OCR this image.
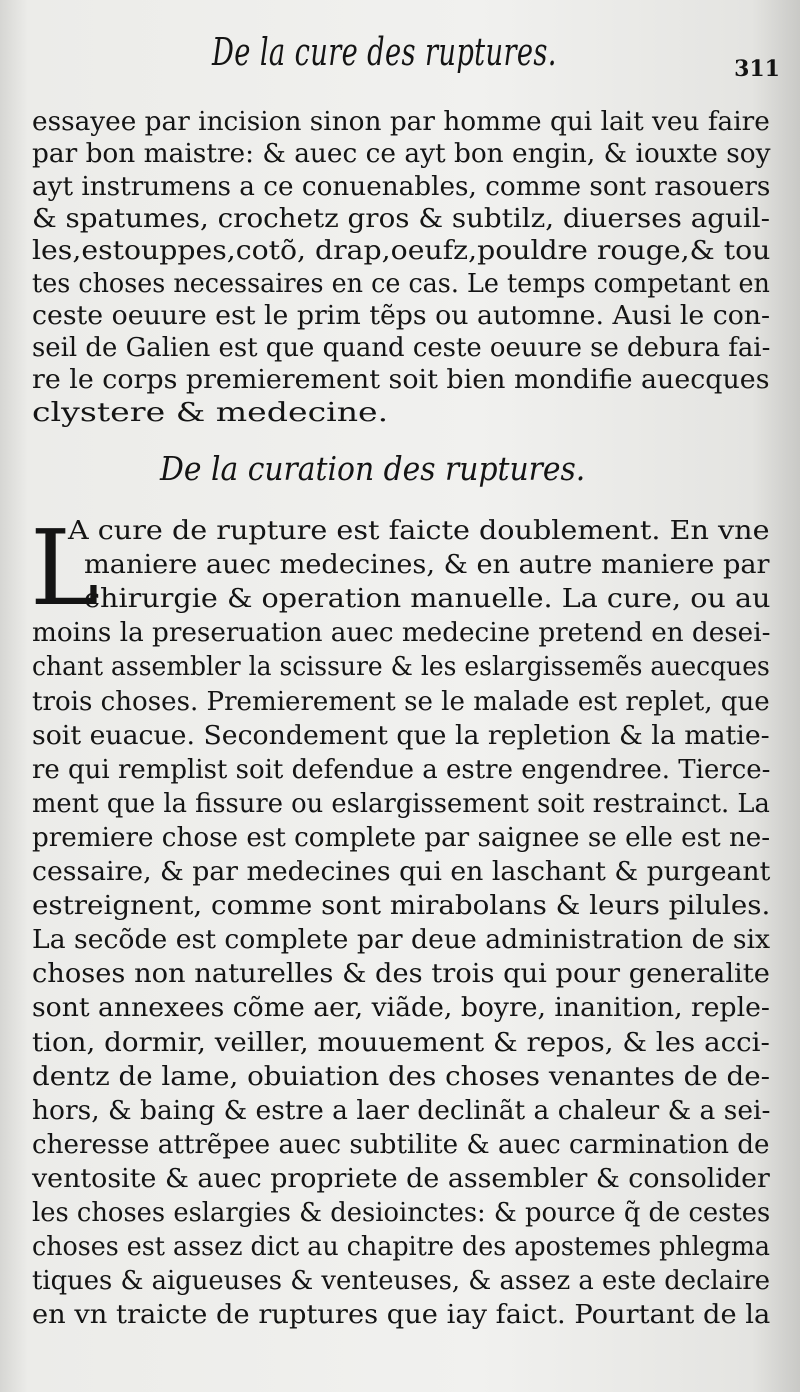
De la cure des ruptures.	311

essayee par incision sinon par homme qui lait veu faire
par bon maistre: & auec ce ayt bon engin, & iouxte soy
ayt instrumens a ce conuenables, comme sont rasouers
& spatumes, crochetz gros & subtilz, diuerses aguil-
les,estouppes,cotõ, drap,oeufz,pouldre rouge,& tou
tes choses necessaires en ce cas. Le temps competant en
ceste oeuure est le prim tẽps ou automne. Ausi le con-
seil de Galien est que quand ceste oeuure se debura fai-
re le corps premierement soit bien mondifie auecques
clystere & medecine.
De la curation des ruptures.
L
A cure de rupture est faicte doublement. En vne
maniere auec medecines, & en autre maniere par
chirurgie & operation manuelle. La cure, ou au
moins la preseruation auec medecine pretend en desei-
chant assembler la scissure & les eslargissemẽs auecques
trois choses. Premierement se le malade est replet, que
soit euacue. Secondement que la repletion & la matie-
re qui remplist soit defendue a estre engendree. Tierce-
ment que la fissure ou eslargissement soit restrainct. La
premiere chose est complete par saignee se elle est ne-
cessaire, & par medecines qui en laschant & purgeant
estreignent, comme sont mirabolans & leurs pilules.
La secõde est complete par deue administration de six
choses non naturelles & des trois qui pour generalite
sont annexees cõme aer, viãde, boyre, inanition, reple-
tion, dormir, veiller, mouuement & repos, & les acci-
dentz de lame, obuiation des choses venantes de de-
hors, & baing & estre a laer declinãt a chaleur & a sei-
cheresse attrẽpee auec subtilite & auec carmination de
ventosite & auec propriete de assembler & consolider
les choses eslargies & desioinctes: & pource q̃ de cestes
choses est assez dict au chapitre des apostemes phlegma
tiques & aigueuses & venteuses, & assez a este declaire
en vn traicte de ruptures que iay faict. Pourtant de la
